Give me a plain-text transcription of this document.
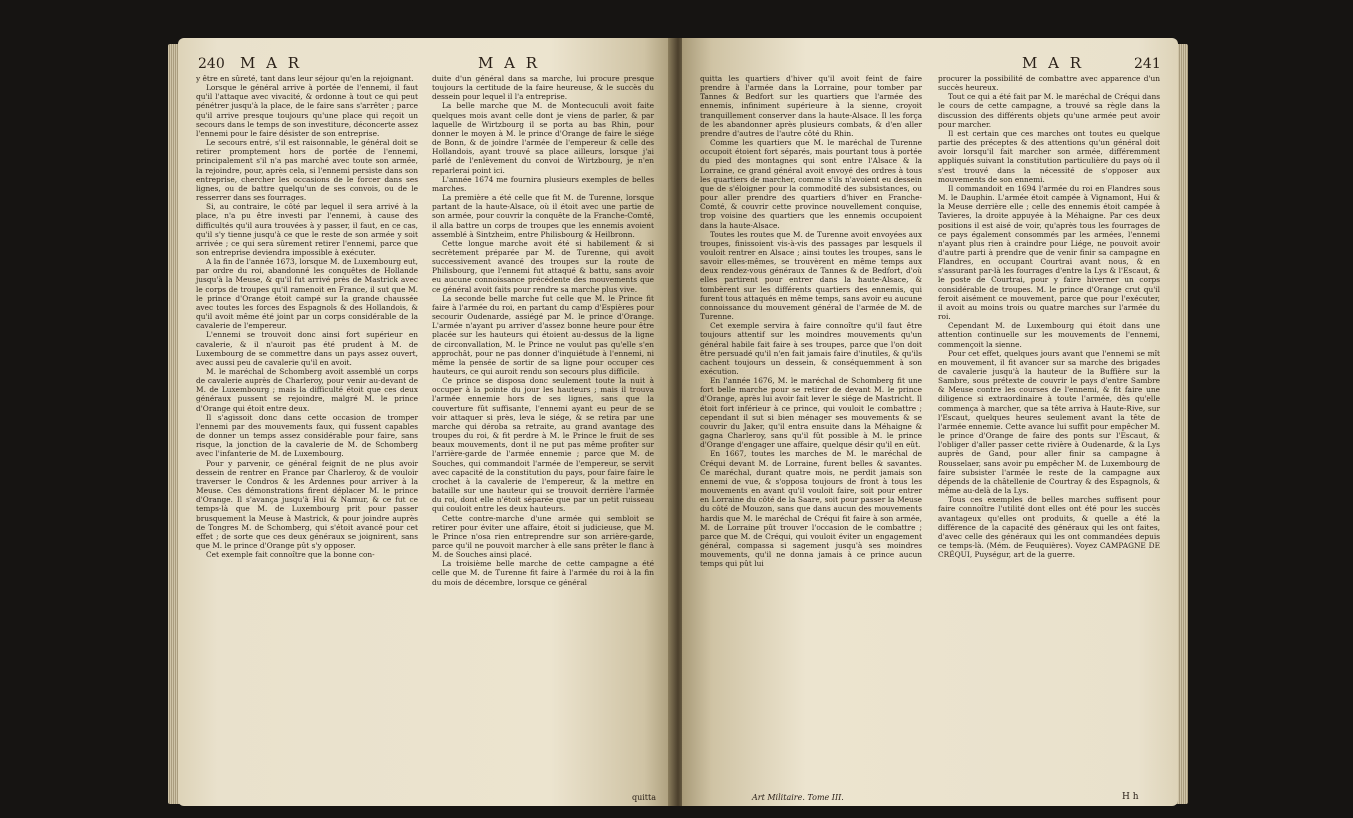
240 M A R	M A R

y être en sûreté, tant dans leur séjour qu'en la rejoignant.

Lorsque le général arrive à portée de l'ennemi, il faut qu'il l'attaque avec vivacité, & ordonne à tout ce qui peut pénétrer jusqu'à la place, de le faire sans s'arrêter ; parce qu'il arrive presque toujours qu'une place qui reçoit un secours dans le temps de son investiture, déconcerte assez l'ennemi pour le faire désister de son entreprise.

Le secours entré, s'il est raisonnable, le général doit se retirer promptement hors de portée de l'ennemi, principalement s'il n'a pas marché avec toute son armée, la rejoindre, pour, après cela, si l'ennemi persiste dans son entreprise, chercher les occasions de le forcer dans ses lignes, ou de battre quelqu'un de ses convois, ou de le resserrer dans ses fourrages.

Si, au contraire, le côté par lequel il sera arrivé à la place, n'a pu être investi par l'ennemi, à cause des difficultés qu'il aura trouvées à y passer, il faut, en ce cas, qu'il s'y tienne jusqu'à ce que le reste de son armée y soit arrivée ; ce qui sera sûrement retirer l'ennemi, parce que son entreprise deviendra impossible à exécuter.

A la fin de l'année 1673, lorsque M. de Luxembourg eut, par ordre du roi, abandonné les conquêtes de Hollande jusqu'à la Meuse, & qu'il fut arrivé près de Mastrick avec le corps de troupes qu'il ramenoit en France, il sut que M. le prince d'Orange étoit campé sur la grande chaussée avec toutes les forces des Espagnols & des Hollandois, & qu'il avoit même été joint par un corps considérable de la cavalerie de l'empereur.

L'ennemi se trouvoit donc ainsi fort supérieur en cavalerie, & il n'auroit pas été prudent à M. de Luxembourg de se commettre dans un pays assez ouvert, avec aussi peu de cavalerie qu'il en avoit.

M. le maréchal de Schomberg avoit assemblé un corps de cavalerie auprès de Charleroy, pour venir au-devant de M. de Luxembourg ; mais la difficulté étoit que ces deux généraux pussent se rejoindre, malgré M. le prince d'Orange qui étoit entre deux.

Il s'agissoit donc dans cette occasion de tromper l'ennemi par des mouvements faux, qui fussent capables de donner un temps assez considérable pour faire, sans risque, la jonction de la cavalerie de M. de Schomberg avec l'infanterie de M. de Luxembourg.

Pour y parvenir, ce général feignit de ne plus avoir dessein de rentrer en France par Charleroy, & de vouloir traverser le Condros & les Ardennes pour arriver à la Meuse. Ces démonstrations firent déplacer M. le prince d'Orange. Il s'avança jusqu'à Hui & Namur, & ce fut ce temps-là que M. de Luxembourg prit pour passer brusquement la Meuse à Mastrick, & pour joindre auprès de Tongres M. de Schomberg, qui s'étoit avancé pour cet effet ; de sorte que ces deux généraux se joignirent, sans que M. le prince d'Orange pût s'y opposer.

Cet exemple fait connoître que la bonne con-

duite d'un général dans sa marche, lui procure presque toujours la certitude de la faire heureuse, & le succès du dessein pour lequel il l'a entreprise.

La belle marche que M. de Montecuculi avoit faite quelques mois avant celle dont je viens de parler, & par laquelle de Wirtzbourg il se porta au bas Rhin, pour donner le moyen à M. le prince d'Orange de faire le siége de Bonn, & de joindre l'armée de l'empereur & celle des Hollandois, ayant trouvé sa place ailleurs, lorsque j'ai parlé de l'enlèvement du convoi de Wirtzbourg, je n'en reparlerai point ici.

L'année 1674 me fournira plusieurs exemples de belles marches.

La première a été celle que fit M. de Turenne, lorsque partant de la haute-Alsace, où il étoit avec une partie de son armée, pour couvrir la conquête de la Franche-Comté, il alla battre un corps de troupes que les ennemis avoient assemblé à Sintzheim, entre Philisbourg & Heilbronn.

Cette longue marche avoit été si habilement & si secrètement préparée par M. de Turenne, qui avoit successivement avancé des troupes sur la route de Philisbourg, que l'ennemi fut attaqué & battu, sans avoir eu aucune connoissance précédente des mouvements que ce général avoit faits pour rendre sa marche plus vive.

La seconde belle marche fut celle que M. le Prince fit faire à l'armée du roi, en partant du camp d'Espières pour secourir Oudenarde, assiégé par M. le prince d'Orange. L'armée n'ayant pu arriver d'assez bonne heure pour être placée sur les hauteurs qui étoient au-dessus de la ligne de circonvallation, M. le Prince ne voulut pas qu'elle s'en approchât, pour ne pas donner d'inquiétude à l'ennemi, ni même la pensée de sortir de sa ligne pour occuper ces hauteurs, ce qui auroit rendu son secours plus difficile.

Ce prince se disposa donc seulement toute la nuit à occuper à la pointe du jour les hauteurs ; mais il trouva l'armée ennemie hors de ses lignes, sans que la couverture fût suffisante, l'ennemi ayant eu peur de se voir attaquer si près, leva le siége, & se retira par une marche qui déroba sa retraite, au grand avantage des troupes du roi, & fit perdre à M. le Prince le fruit de ses beaux mouvements, dont il ne put pas même profiter sur l'arrière-garde de l'armée ennemie ; parce que M. de Souches, qui commandoit l'armée de l'empereur, se servit avec capacité de la constitution du pays, pour faire faire le crochet à la cavalerie de l'empereur, & la mettre en bataille sur une hauteur qui se trouvoit derrière l'armée du roi, dont elle n'étoit séparée que par un petit ruisseau qui couloit entre les deux hauteurs.

Cette contre-marche d'une armée qui sembloit se retirer pour éviter une affaire, étoit si judicieuse, que M. le Prince n'osa rien entreprendre sur son arrière-garde, parce qu'il ne pouvoit marcher à elle sans prêter le flanc à M. de Souches ainsi placé.

La troisième belle marche de cette campagne a été celle que M. de Turenne fit faire à l'armée du roi à la fin du mois de décembre, lorsque ce général

quitta
M A R	241

quitta les quartiers d'hiver qu'il avoit feint de faire prendre à l'armée dans la Lorraine, pour tomber par Tannes & Bedfort sur les quartiers que l'armée des ennemis, infiniment supérieure à la sienne, croyoit tranquillement conserver dans la haute-Alsace. Il les força de les abandonner après plusieurs combats, & d'en aller prendre d'autres de l'autre côté du Rhin.

Comme les quartiers que M. le maréchal de Turenne occupoit étoient fort séparés, mais pourtant tous à portée du pied des montagnes qui sont entre l'Alsace & la Lorraine, ce grand général avoit envoyé des ordres à tous les quartiers de marcher, comme s'ils n'avoient eu dessein que de s'éloigner pour la commodité des subsistances, ou pour aller prendre des quartiers d'hiver en Franche-Comté, & couvrir cette province nouvellement conquise, trop voisine des quartiers que les ennemis occupoient dans la haute-Alsace.

Toutes les routes que M. de Turenne avoit envoyées aux troupes, finissoient vis-à-vis des passages par lesquels il vouloit rentrer en Alsace ; ainsi toutes les troupes, sans le savoir elles-mêmes, se trouvèrent en même temps aux deux rendez-vous généraux de Tannes & de Bedfort, d'où elles partirent pour entrer dans la haute-Alsace, & tombèrent sur les différents quartiers des ennemis, qui furent tous attaqués en même temps, sans avoir eu aucune connoissance du mouvement général de l'armée de M. de Turenne.

Cet exemple servira à faire connoître qu'il faut être toujours attentif sur les moindres mouvements qu'un général habile fait faire à ses troupes, parce que l'on doit être persuadé qu'il n'en fait jamais faire d'inutiles, & qu'ils cachent toujours un dessein, & conséquemment à son exécution.

En l'année 1676, M. le maréchal de Schomberg fit une fort belle marche pour se retirer de devant M. le prince d'Orange, après lui avoir fait lever le siége de Mastricht. Il étoit fort inférieur à ce prince, qui vouloit le combattre ; cependant il sut si bien ménager ses mouvements & se couvrir du Jaker, qu'il entra ensuite dans la Méhaigne & gagna Charleroy, sans qu'il fût possible à M. le prince d'Orange d'engager une affaire, quelque désir qu'il en eût.

En 1667, toutes les marches de M. le maréchal de Créqui devant M. de Lorraine, furent belles & savantes. Ce maréchal, durant quatre mois, ne perdit jamais son ennemi de vue, & s'opposa toujours de front à tous les mouvements en avant qu'il vouloit faire, soit pour entrer en Lorraine du côté de la Saare, soit pour passer la Meuse du côté de Mouzon, sans que dans aucun des mouvements hardis que M. le maréchal de Créqui fit faire à son armée, M. de Lorraine pût trouver l'occasion de le combattre ; parce que M. de Créqui, qui vouloit éviter un engagement général, compassa si sagement jusqu'à ses moindres mouvements, qu'il ne donna jamais à ce prince aucun temps qui pût lui

procurer la possibilité de combattre avec apparence d'un succès heureux.

Tout ce qui a été fait par M. le maréchal de Créqui dans le cours de cette campagne, a trouvé sa règle dans la discussion des différents objets qu'une armée peut avoir pour marcher.

Il est certain que ces marches ont toutes eu quelque partie des préceptes & des attentions qu'un général doit avoir lorsqu'il fait marcher son armée, différemment appliqués suivant la constitution particulière du pays où il s'est trouvé dans la nécessité de s'opposer aux mouvements de son ennemi.

Il commandoit en 1694 l'armée du roi en Flandres sous M. le Dauphin. L'armée étoit campée à Vignamont, Hui & la Meuse derrière elle ; celle des ennemis étoit campée à Tavieres, la droite appuyée à la Méhaigne. Par ces deux positions il est aisé de voir, qu'après tous les fourrages de ce pays également consommés par les armées, l'ennemi n'ayant plus rien à craindre pour Liége, ne pouvoit avoir d'autre parti à prendre que de venir finir sa campagne en Flandres, en occupant Courtrai avant nous, & en s'assurant par-là les fourrages d'entre la Lys & l'Escaut, & le poste de Courtrai, pour y faire hiverner un corps considérable de troupes. M. le prince d'Orange crut qu'il feroit aisément ce mouvement, parce que pour l'exécuter, il avoit au moins trois ou quatre marches sur l'armée du roi.

Cependant M. de Luxembourg qui étoit dans une attention continuelle sur les mouvements de l'ennemi, commençoit la sienne.

Pour cet effet, quelques jours avant que l'ennemi se mît en mouvement, il fit avancer sur sa marche des brigades de cavalerie jusqu'à la hauteur de la Buffière sur la Sambre, sous prétexte de couvrir le pays d'entre Sambre & Meuse contre les courses de l'ennemi, & fit faire une diligence si extraordinaire à toute l'armée, dès qu'elle commença à marcher, que sa tête arriva à Haute-Rive, sur l'Escaut, quelques heures seulement avant la tête de l'armée ennemie. Cette avance lui suffit pour empêcher M. le prince d'Orange de faire des ponts sur l'Escaut, & l'obliger d'aller passer cette rivière à Oudenarde, & la Lys auprès de Gand, pour aller finir sa campagne à Rousselaer, sans avoir pu empêcher M. de Luxembourg de faire subsister l'armée le reste de la campagne aux dépends de la châtellenie de Courtray & des Espagnols, & même au-delà de la Lys.

Tous ces exemples de belles marches suffisent pour faire connoître l'utilité dont elles ont été pour les succès avantageux qu'elles ont produits, & quelle a été la différence de la capacité des généraux qui les ont faites, d'avec celle des généraux qui les ont commandées depuis ce temps-là. (Mém. de Feuquières). Voyez CAMPAGNE DE CRÉQUI, Puységur, art de la guerre.

Art Militaire. Tome III.	H h
